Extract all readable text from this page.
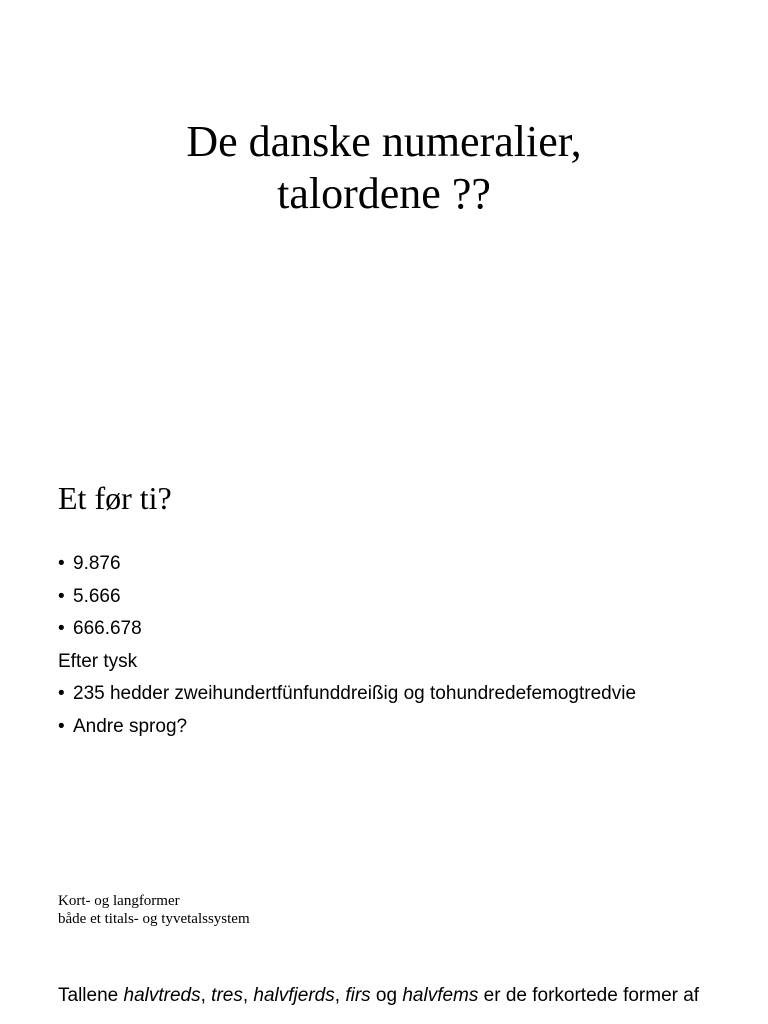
De danske numeralier,
talordene ??
Et før ti?
• 9.876
• 5.666
• 666.678
Efter tysk
• 235 hedder zweihundertfünfunddreißig og tohundredefemogtredvie
• Andre sprog?
Kort- og langformer
både et titals- og tyvetalssystem
Tallene halvtreds, tres, halvfjerds, firs og halvfems er de forkortede former af
